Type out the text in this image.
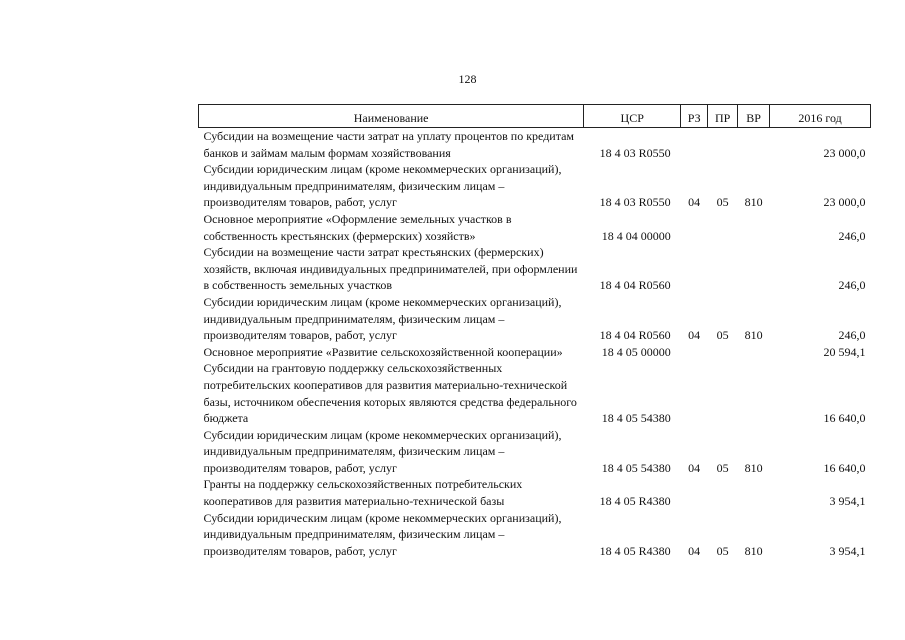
128
Наименование	ЦСР	РЗ	ПР	ВР	2016 год
Субсидии на возмещение части затрат на уплату процентов по кредитам банков и займам малым формам хозяйствования	18 4 03 R0550				23 000,0
Субсидии юридическим лицам (кроме некоммерческих организаций), индивидуальным предпринимателям, физическим лицам – производителям товаров, работ, услуг	18 4 03 R0550	04	05	810	23 000,0
Основное мероприятие «Оформление земельных участков в собственность крестьянских (фермерских) хозяйств»	18 4 04 00000				246,0
Субсидии на возмещение части затрат крестьянских (фермерских) хозяйств, включая индивидуальных предпринимателей, при оформлении в собственность земельных участков	18 4 04 R0560				246,0
Субсидии юридическим лицам (кроме некоммерческих организаций), индивидуальным предпринимателям, физическим лицам – производителям товаров, работ, услуг	18 4 04 R0560	04	05	810	246,0
Основное мероприятие «Развитие сельскохозяйственной кооперации»	18 4 05 00000				20 594,1
Субсидии на грантовую поддержку сельскохозяйственных потребительских кооперативов для развития материально-технической базы, источником обеспечения которых являются средства федерального бюджета	18 4 05 54380				16 640,0
Субсидии юридическим лицам (кроме некоммерческих организаций), индивидуальным предпринимателям, физическим лицам – производителям товаров, работ, услуг	18 4 05 54380	04	05	810	16 640,0
Гранты на поддержку сельскохозяйственных потребительских кооперативов для развития материально-технической базы	18 4 05 R4380				3 954,1
Субсидии юридическим лицам (кроме некоммерческих организаций), индивидуальным предпринимателям, физическим лицам – производителям товаров, работ, услуг	18 4 05 R4380	04	05	810	3 954,1
